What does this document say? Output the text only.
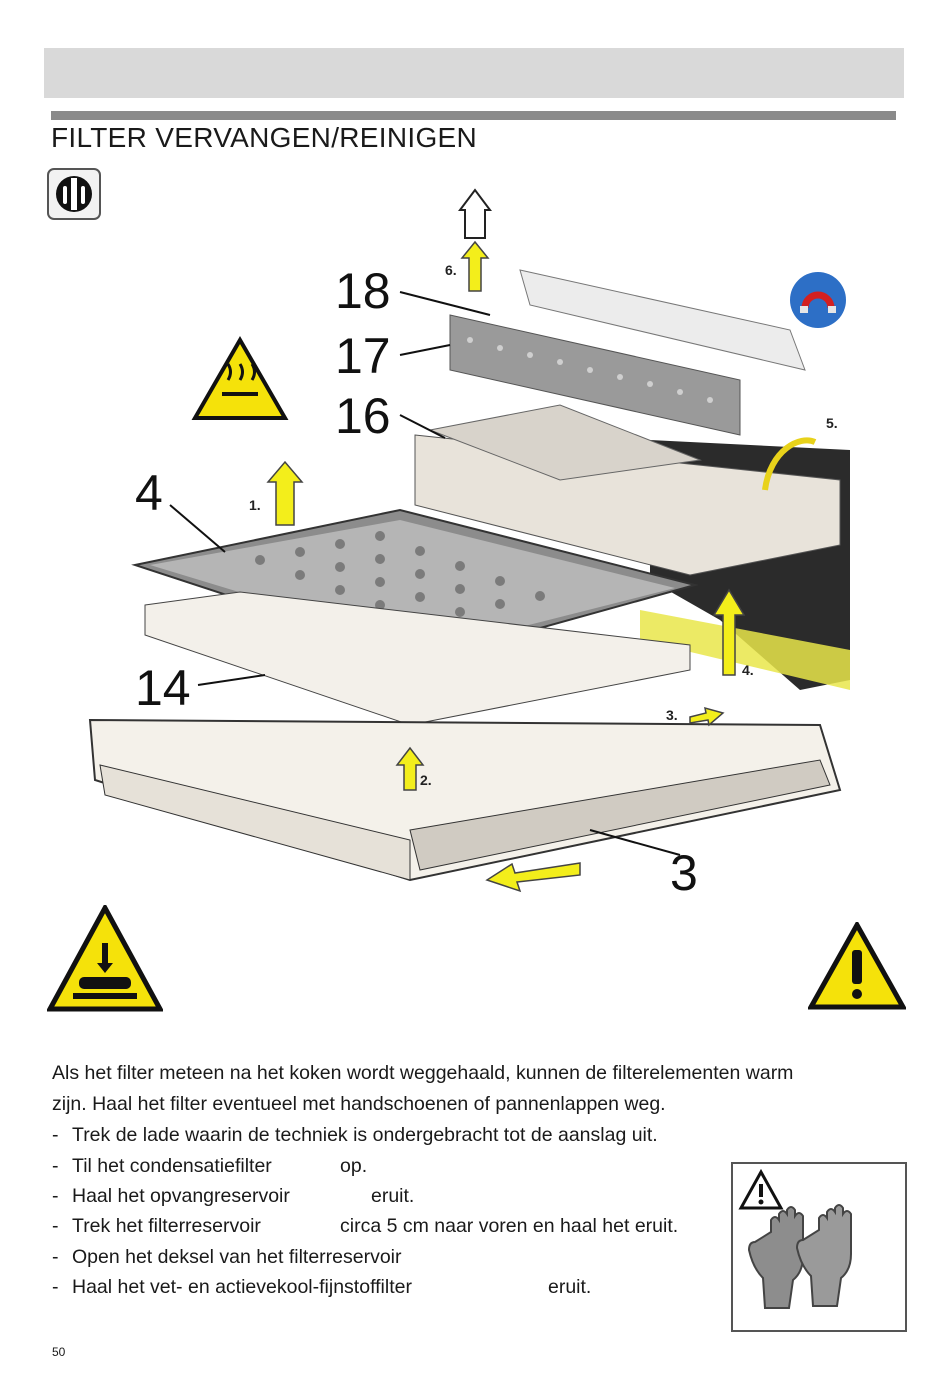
FILTER VERVANGEN/REINIGEN
18
17
16
4
14
3
1.
2.
3.
4.
5.
6.
Als het filter meteen na het koken wordt weggehaald, kunnen de filterelementen warm
zijn. Haal het filter eventueel met handschoenen of pannenlappen weg.
- Trek de lade waarin de techniek is ondergebracht tot de aanslag uit.
- Til het condensatiefilter	op.
- Haal het opvangreservoir	eruit.
- Trek het filterreservoir	circa 5 cm naar voren en haal het eruit.
- Open het deksel van het filterreservoir
- Haal het vet- en actievekool-fijnstoffilter	eruit.
50
